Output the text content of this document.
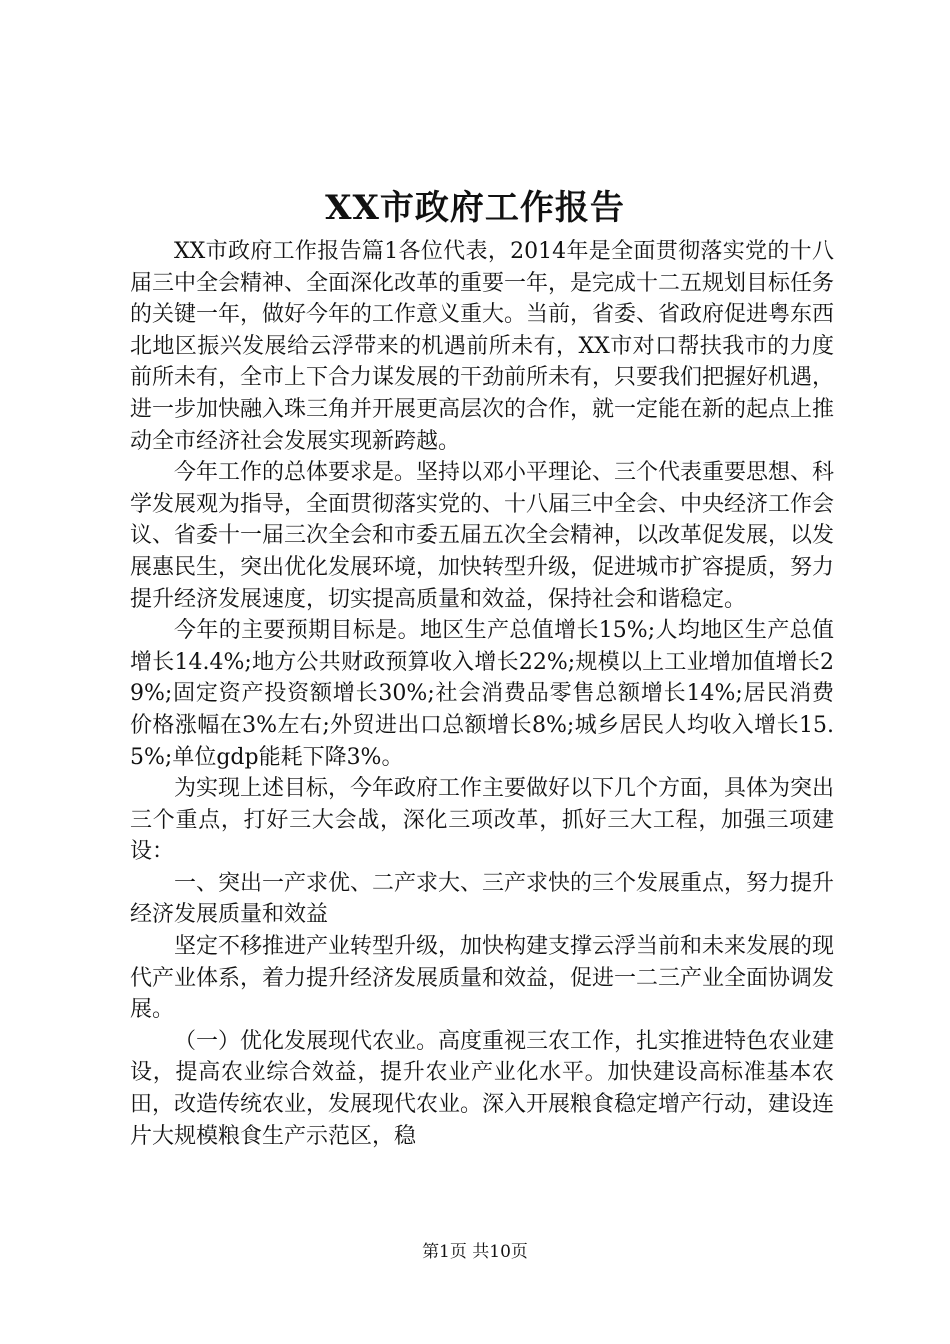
XX市政府工作报告

XX市政府工作报告篇1各位代表，2014年是全面贯彻落实党的十八届三中全会精神、全面深化改革的重要一年，是完成十二五规划目标任务的关键一年，做好今年的工作意义重大。当前，省委、省政府促进粤东西北地区振兴发展给云浮带来的机遇前所未有，XX市对口帮扶我市的力度前所未有，全市上下合力谋发展的干劲前所未有，只要我们把握好机遇，进一步加快融入珠三角并开展更高层次的合作，就一定能在新的起点上推动全市经济社会发展实现新跨越。

今年工作的总体要求是。坚持以邓小平理论、三个代表重要思想、科学发展观为指导，全面贯彻落实党的、十八届三中全会、中央经济工作会议、省委十一届三次全会和市委五届五次全会精神，以改革促发展，以发展惠民生，突出优化发展环境，加快转型升级，促进城市扩容提质，努力提升经济发展速度，切实提高质量和效益，保持社会和谐稳定。

今年的主要预期目标是。地区生产总值增长15%;人均地区生产总值增长14.4%;地方公共财政预算收入增长22%;规模以上工业增加值增长29%;固定资产投资额增长30%;社会消费品零售总额增长14%;居民消费价格涨幅在3%左右;外贸进出口总额增长8%;城乡居民人均收入增长15.5%;单位gdp能耗下降3%。

为实现上述目标，今年政府工作主要做好以下几个方面，具体为突出三个重点，打好三大会战，深化三项改革，抓好三大工程，加强三项建设：

一、突出一产求优、二产求大、三产求快的三个发展重点，努力提升经济发展质量和效益

坚定不移推进产业转型升级，加快构建支撑云浮当前和未来发展的现代产业体系，着力提升经济发展质量和效益，促进一二三产业全面协调发展。

（一）优化发展现代农业。高度重视三农工作，扎实推进特色农业建设，提高农业综合效益，提升农业产业化水平。加快建设高标准基本农田，改造传统农业，发展现代农业。深入开展粮食稳定增产行动，建设连片大规模粮食生产示范区，稳

第1页 共10页
